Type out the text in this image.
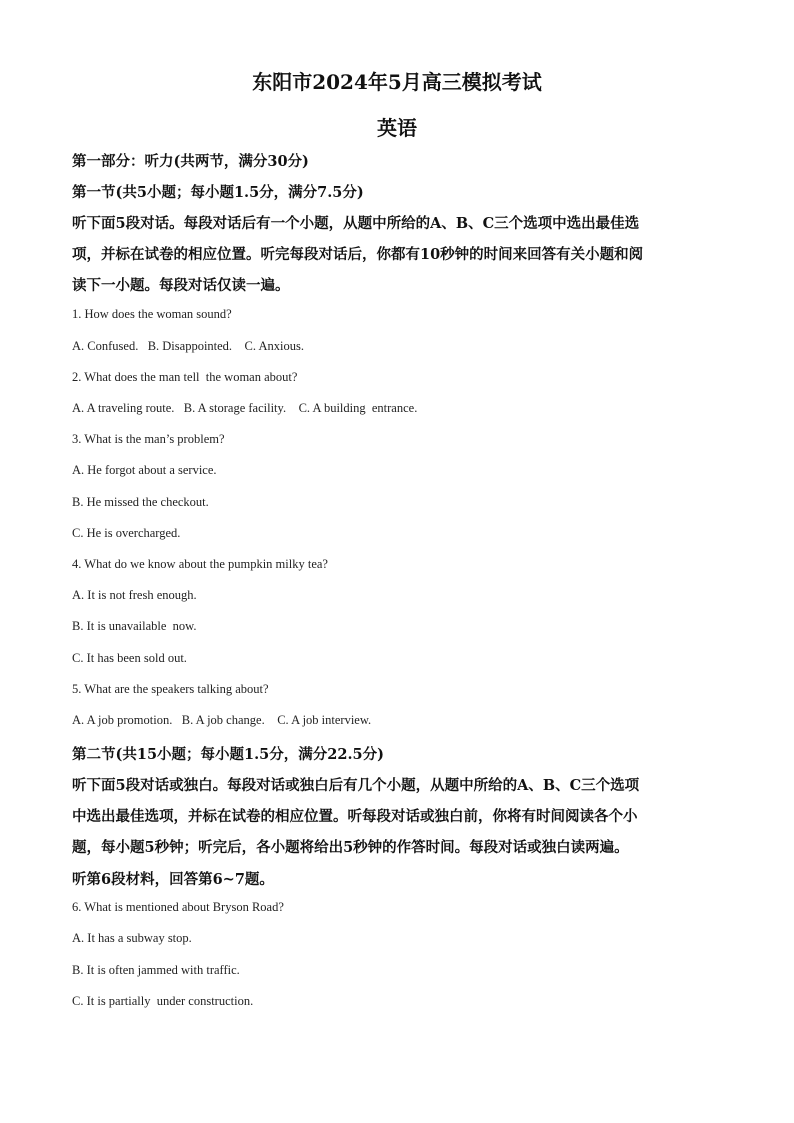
东阳市2024年5月高三模拟考试
英语
第一部分：听力(共两节，满分30分)
第一节(共5小题；每小题1.5分，满分7.5分)
听下面5段对话。每段对话后有一个小题，从题中所给的A、B、C三个选项中选出最佳选
项，并标在试卷的相应位置。听完每段对话后，你都有10秒钟的时间来回答有关小题和阅
读下一小题。每段对话仅读一遍。
1. How does the woman sound?
A. Confused.   B. Disappointed.    C. Anxious.
2. What does the man tell  the woman about?
A. A traveling route.   B. A storage facility.    C. A building  entrance.
3. What is the man’s problem?
A. He forgot about a service.
B. He missed the checkout.
C. He is overcharged.
4. What do we know about the pumpkin milky tea?
A. It is not fresh enough.
B. It is unavailable  now.
C. It has been sold out.
5. What are the speakers talking about?
A. A job promotion.   B. A job change.    C. A job interview.
第二节(共15小题；每小题1.5分，满分22.5分)
听下面5段对话或独白。每段对话或独白后有几个小题，从题中所给的A、B、C三个选项
中选出最佳选项，并标在试卷的相应位置。听每段对话或独白前，你将有时间阅读各个小
题，每小题5秒钟；听完后，各小题将给出5秒钟的作答时间。每段对话或独白读两遍。
听第6段材料，回答第6~7题。
6. What is mentioned about Bryson Road?
A. It has a subway stop.
B. It is often jammed with traffic.
C. It is partially  under construction.
